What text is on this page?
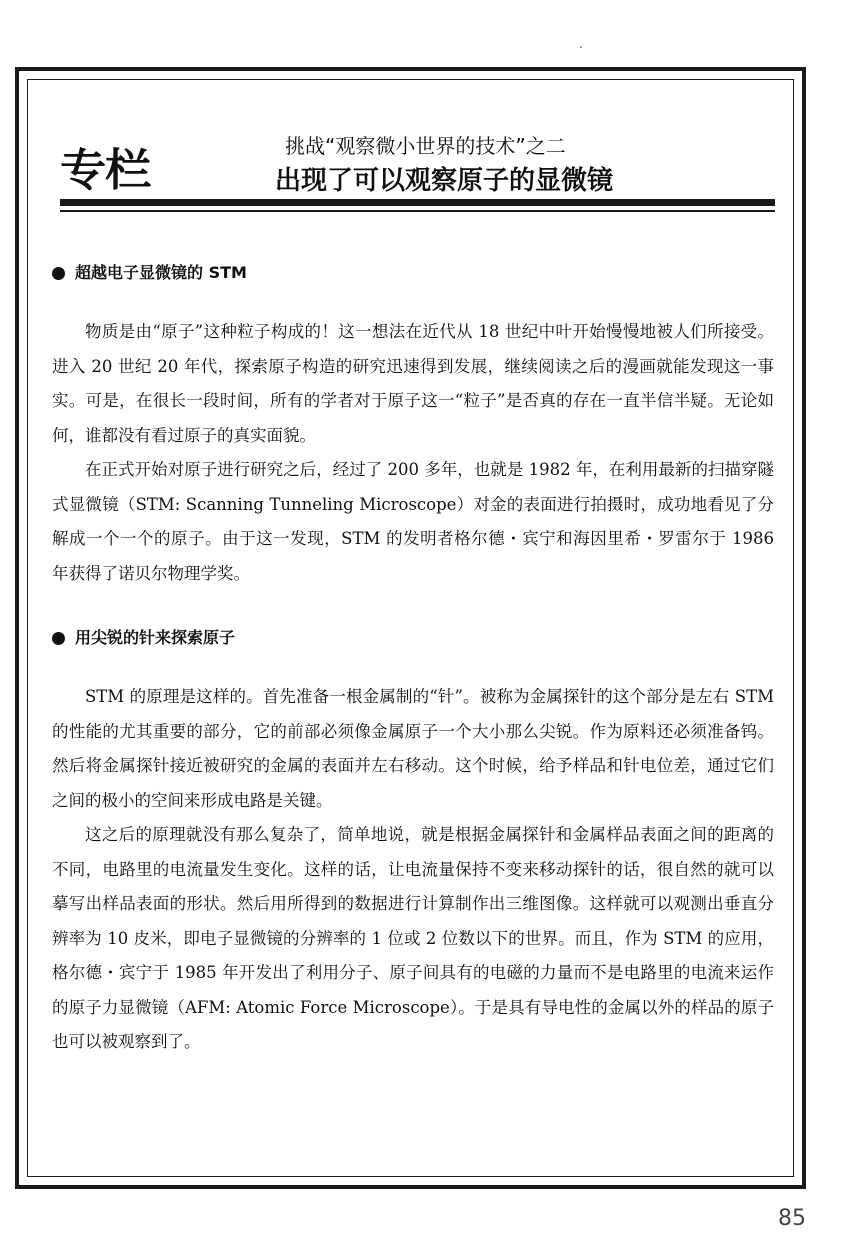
专栏	挑战“观察微小世界的技术”之二
出现了可以观察原子的显微镜
超越电子显微镜的 STM

物质是由“原子”这种粒子构成的！这一想法在近代从 18 世纪中叶开始慢慢地被人们所接受。进入 20 世纪 20 年代，探索原子构造的研究迅速得到发展，继续阅读之后的漫画就能发现这一事实。可是，在很长一段时间，所有的学者对于原子这一“粒子”是否真的存在一直半信半疑。无论如何，谁都没有看过原子的真实面貌。

在正式开始对原子进行研究之后，经过了 200 多年，也就是 1982 年，在利用最新的扫描穿隧式显微镜（STM: Scanning Tunneling Microscope）对金的表面进行拍摄时，成功地看见了分解成一个一个的原子。由于这一发现，STM 的发明者格尔德・宾宁和海因里希・罗雷尔于 1986 年获得了诺贝尔物理学奖。

用尖锐的针来探索原子

STM 的原理是这样的。首先准备一根金属制的“针”。被称为金属探针的这个部分是左右 STM 的性能的尤其重要的部分，它的前部必须像金属原子一个大小那么尖锐。作为原料还必须准备钨。然后将金属探针接近被研究的金属的表面并左右移动。这个时候，给予样品和针电位差，通过它们之间的极小的空间来形成电路是关键。

这之后的原理就没有那么复杂了，简单地说，就是根据金属探针和金属样品表面之间的距离的不同，电路里的电流量发生变化。这样的话，让电流量保持不变来移动探针的话，很自然的就可以摹写出样品表面的形状。然后用所得到的数据进行计算制作出三维图像。这样就可以观测出垂直分辨率为 10 皮米，即电子显微镜的分辨率的 1 位或 2 位数以下的世界。而且，作为 STM 的应用，格尔德・宾宁于 1985 年开发出了利用分子、原子间具有的电磁的力量而不是电路里的电流来运作的原子力显微镜（AFM: Atomic Force Microscope）。于是具有导电性的金属以外的样品的原子也可以被观察到了。

85
